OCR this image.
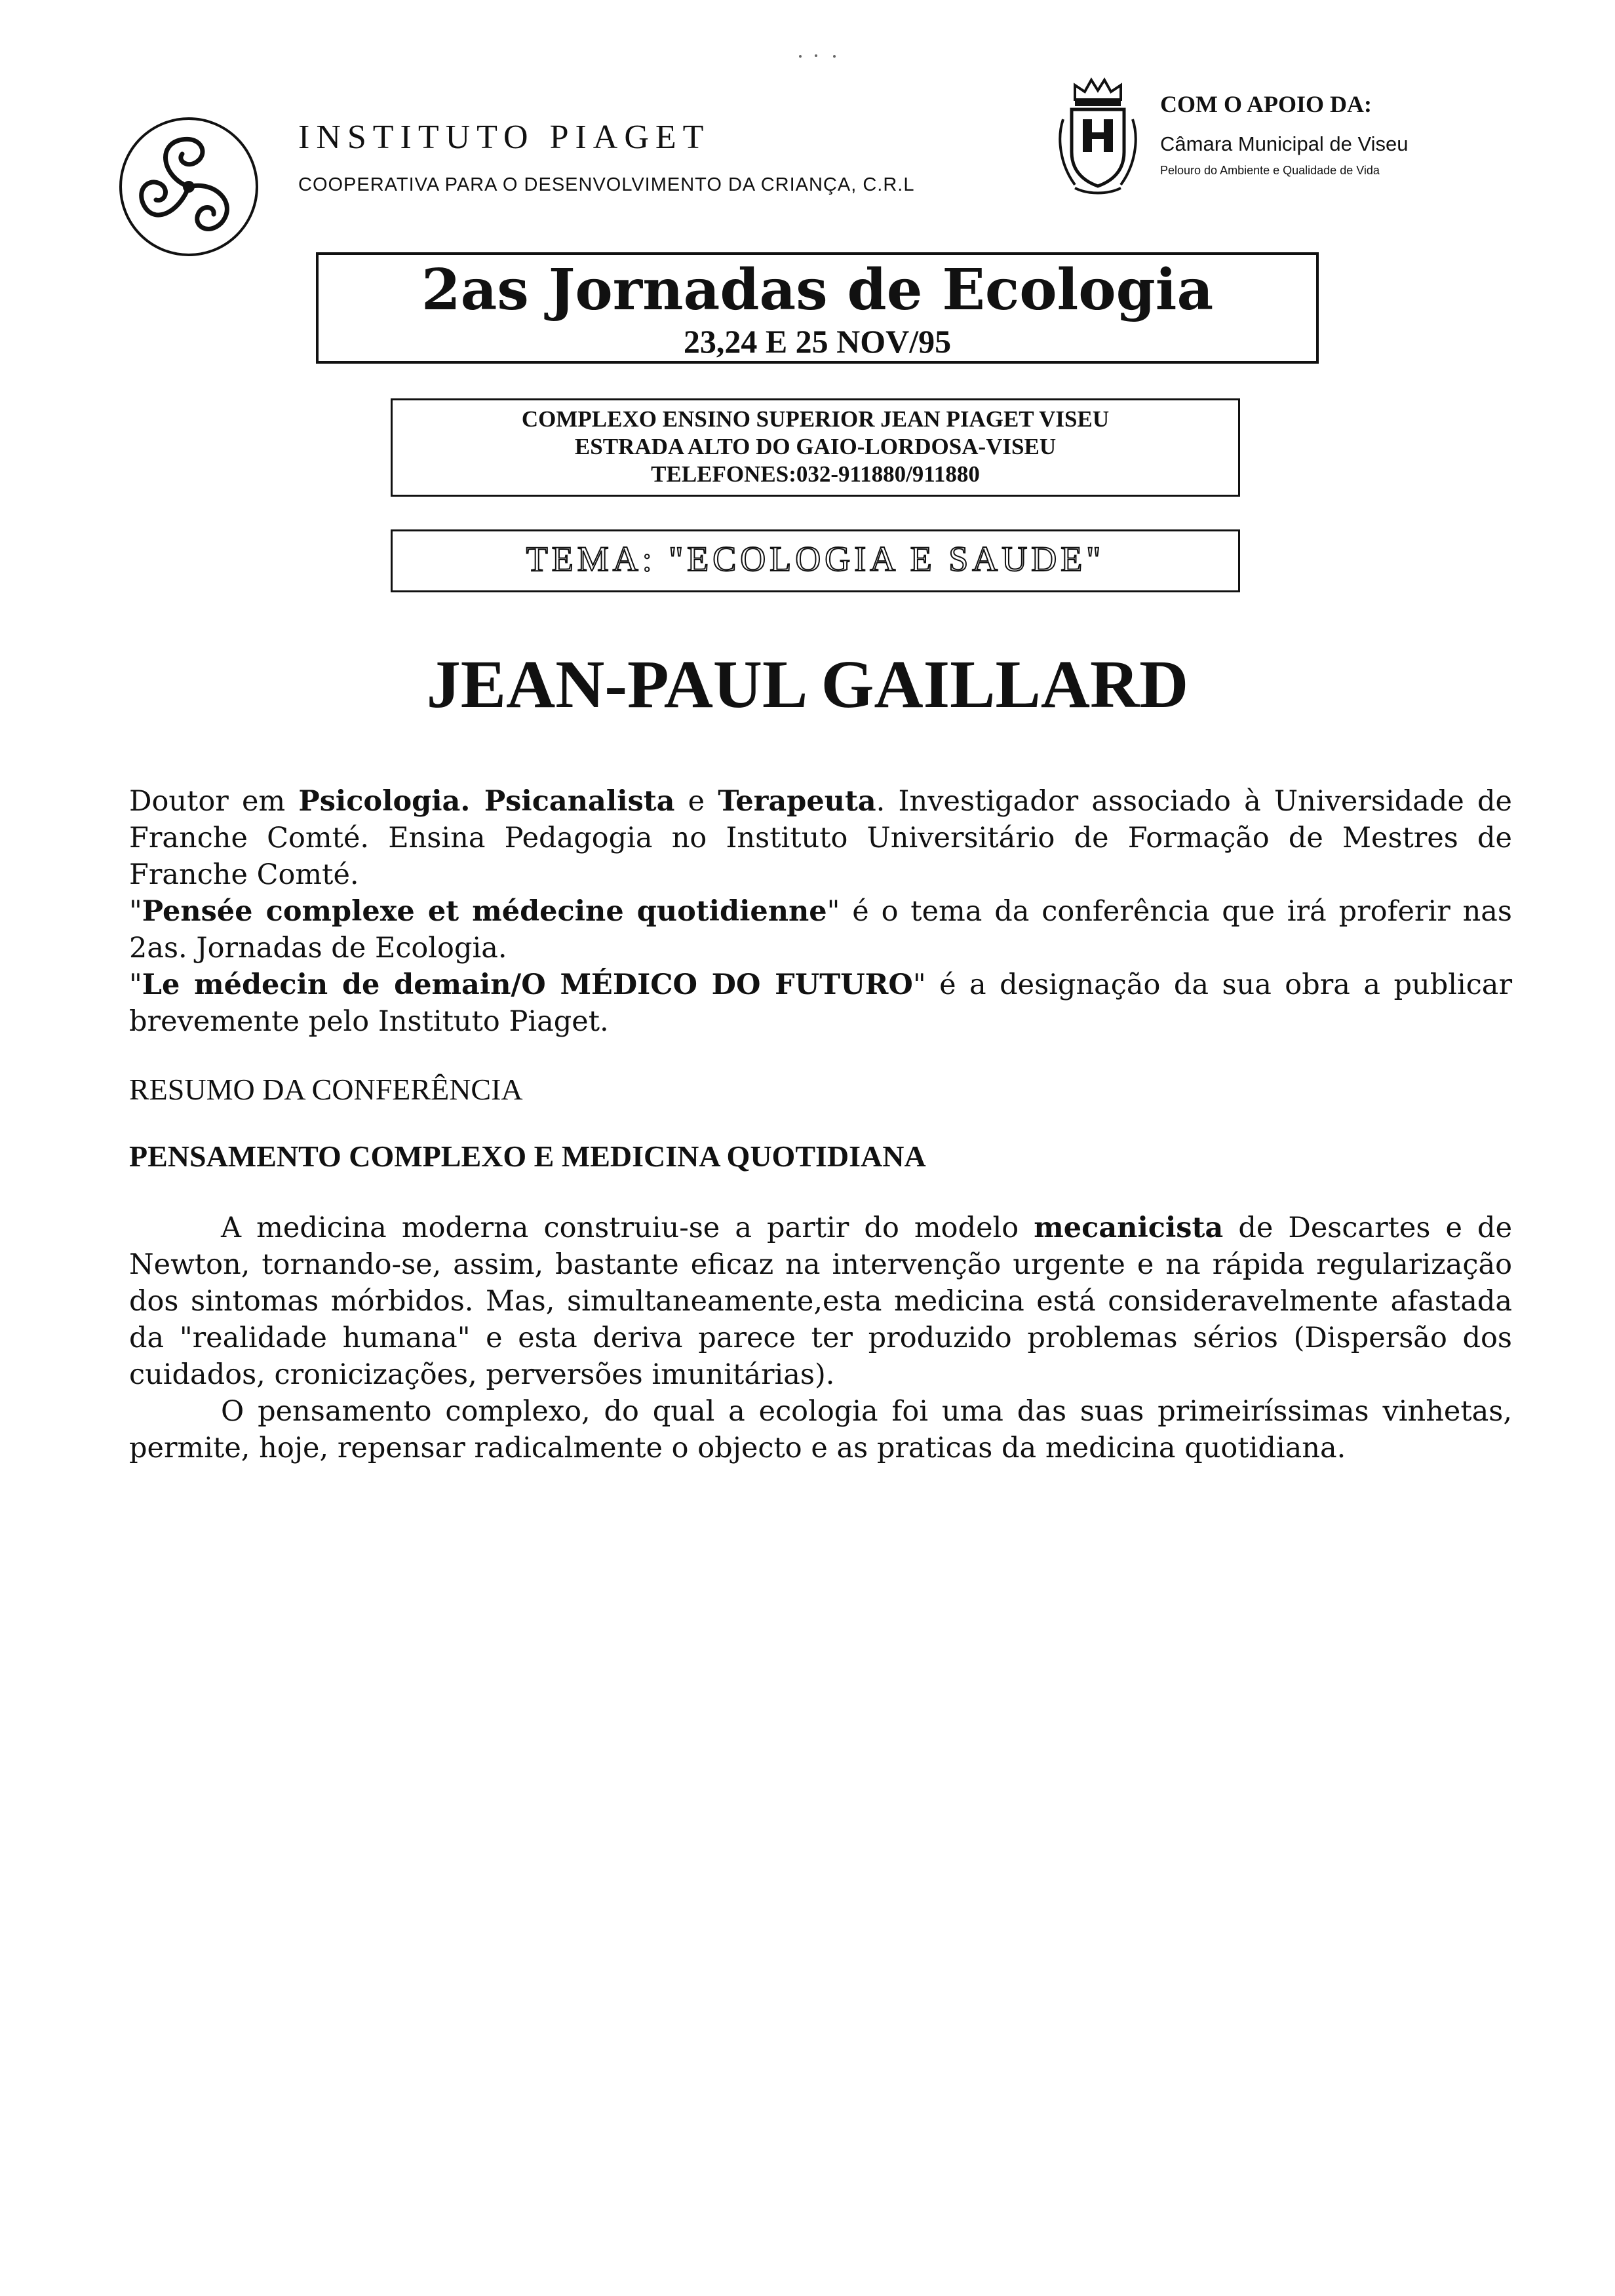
INSTITUTO PIAGET
COOPERATIVA PARA O DESENVOLVIMENTO DA CRIANÇA, C.R.L
COM O APOIO DA:
Câmara Municipal de Viseu
Pelouro do Ambiente e Qualidade de Vida
2as Jornadas de Ecologia
23,24 E 25 NOV/95
COMPLEXO ENSINO SUPERIOR JEAN PIAGET VISEU
ESTRADA ALTO DO GAIO-LORDOSA-VISEU
TELEFONES:032-911880/911880
TEMA: "ECOLOGIA E SAUDE"
JEAN-PAUL GAILLARD

Doutor em Psicologia. Psicanalista e Terapeuta. Investigador associado à Universidade de Franche Comté. Ensina Pedagogia no Instituto Universitário de Formação de Mestres de Franche Comté.

"Pensée complexe et médecine quotidienne" é o tema da conferência que irá proferir nas 2as. Jornadas de Ecologia.

"Le médecin de demain/O MÉDICO DO FUTURO" é a designação da sua obra a publicar brevemente pelo Instituto Piaget.

RESUMO DA CONFERÊNCIA
PENSAMENTO COMPLEXO E MEDICINA QUOTIDIANA

A medicina moderna construiu-se a partir do modelo mecanicista de Descartes e de Newton, tornando-se, assim, bastante eficaz na intervenção urgente e na rápida regularização dos sintomas mórbidos. Mas, simultaneamente,esta medicina está consideravelmente afastada da "realidade humana" e esta deriva parece ter produzido problemas sérios (Dispersão dos cuidados, cronicizações, perversões imunitárias).

O pensamento complexo, do qual a ecologia foi uma das suas primeiríssimas vinhetas, permite, hoje, repensar radicalmente o objecto e as praticas da medicina quotidiana.
